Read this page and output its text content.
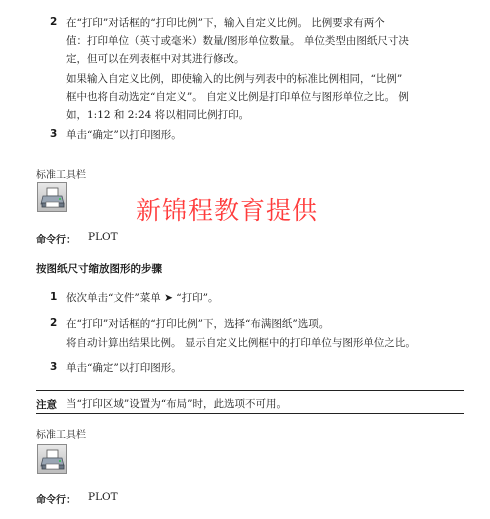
2 在“打印”对话框的“打印比例”下，输入自定义比例。 比例要求有两个
值：打印单位（英寸或毫米）数量/图形单位数量。 单位类型由图纸尺寸决
定，但可以在列表框中对其进行修改。
如果输入自定义比例，即使输入的比例与列表中的标准比例相同，“比例”
框中也将自动选定“自定义”。 自定义比例是打印单位与图形单位之比。 例
如，1:12 和 2:24 将以相同比例打印。
3 单击“确定”以打印图形。
标准工具栏
新锦程教育提供
命令行： PLOT
按图纸尺寸缩放图形的步骤
1 依次单击“文件”菜单 ➤ “打印”。
2 在“打印”对话框的“打印比例”下，选择“布满图纸”选项。
将自动计算出结果比例。 显示自定义比例框中的打印单位与图形单位之比。
3 单击“确定”以打印图形。
注意 当“打印区域”设置为“布局”时，此选项不可用。
标准工具栏
命令行： PLOT
